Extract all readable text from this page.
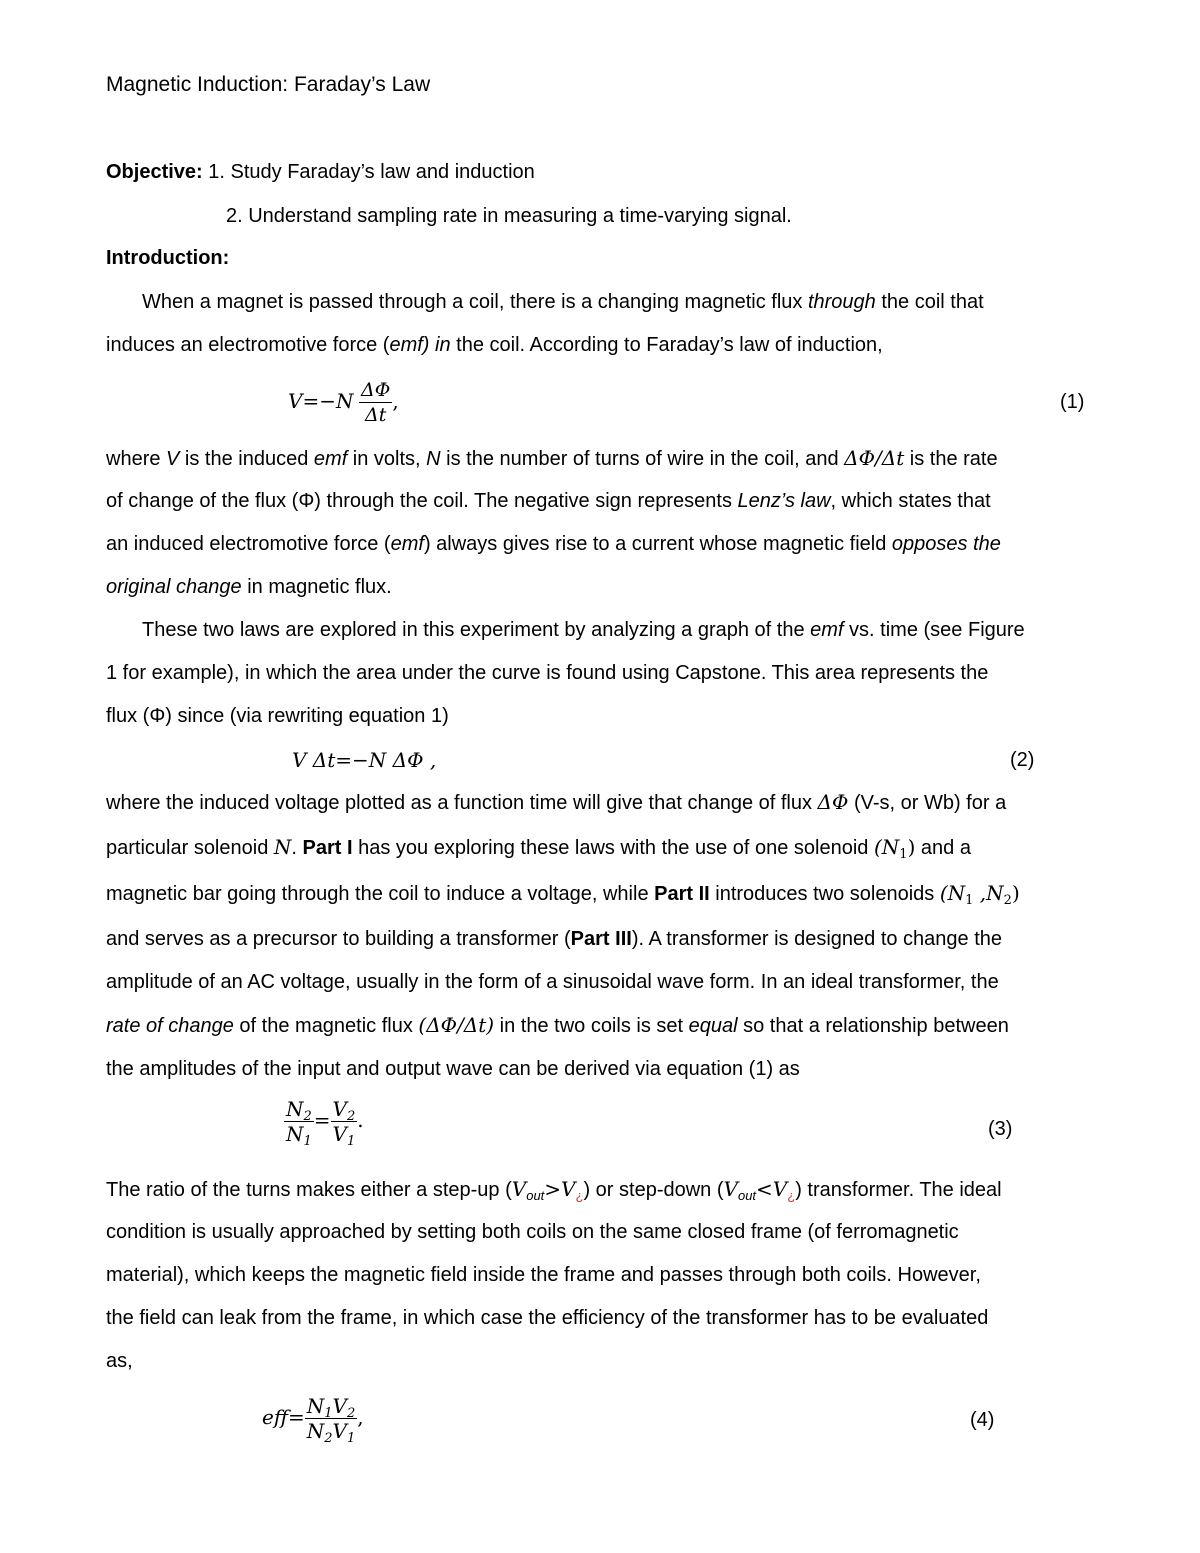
Magnetic Induction: Faraday’s Law
Objective: 1. Study Faraday’s law and induction
2. Understand sampling rate in measuring a time-varying signal.
Introduction:
When a magnet is passed through a coil, there is a changing magnetic flux through the coil that
induces an electromotive force (emf) in the coil. According to Faraday’s law of induction,
$V=-N \frac{\Delta\Phi}{\Delta t}$ ,	(1)
where V is the induced emf in volts, N is the number of turns of wire in the coil, and ΔΦ/Δt is the rate
of change of the flux (Φ) through the coil. The negative sign represents Lenz’s law, which states that
an induced electromotive force (emf) always gives rise to a current whose magnetic field opposes the
original change in magnetic flux.
These two laws are explored in this experiment by analyzing a graph of the emf vs. time (see Figure
1 for example), in which the area under the curve is found using Capstone. This area represents the
flux (Φ) since (via rewriting equation 1)
V Δt=−N ΔΦ ,	(2)
where the induced voltage plotted as a function time will give that change of flux ΔΦ (V-s, or Wb) for a
particular solenoid N. Part I has you exploring these laws with the use of one solenoid $(N_1)$ and a
magnetic bar going through the coil to induce a voltage, while Part II introduces two solenoids ($N_1$ $,N_2$)
and serves as a precursor to building a transformer (Part III). A transformer is designed to change the
amplitude of an AC voltage, usually in the form of a sinusoidal wave form. In an ideal transformer, the
rate of change of the magnetic flux (ΔΦ/Δt) in the two coils is set equal so that a relationship between
the amplitudes of the input and output wave can be derived via equation (1) as
$\frac{N_2}{N_1} = \frac{V_2}{V_1}$ .	(3)
The ratio of the turns makes either a step-up $(V_{out}>V_¿)$ or step-down $(V_{out}<V_¿)$ transformer. The ideal
condition is usually approached by setting both coils on the same closed frame (of ferromagnetic
material), which keeps the magnetic field inside the frame and passes through both coils. However,
the field can leak from the frame, in which case the efficiency of the transformer has to be evaluated
as,
$eff= \frac{N_1V_2}{N_2V_1}$ ,	(4)
